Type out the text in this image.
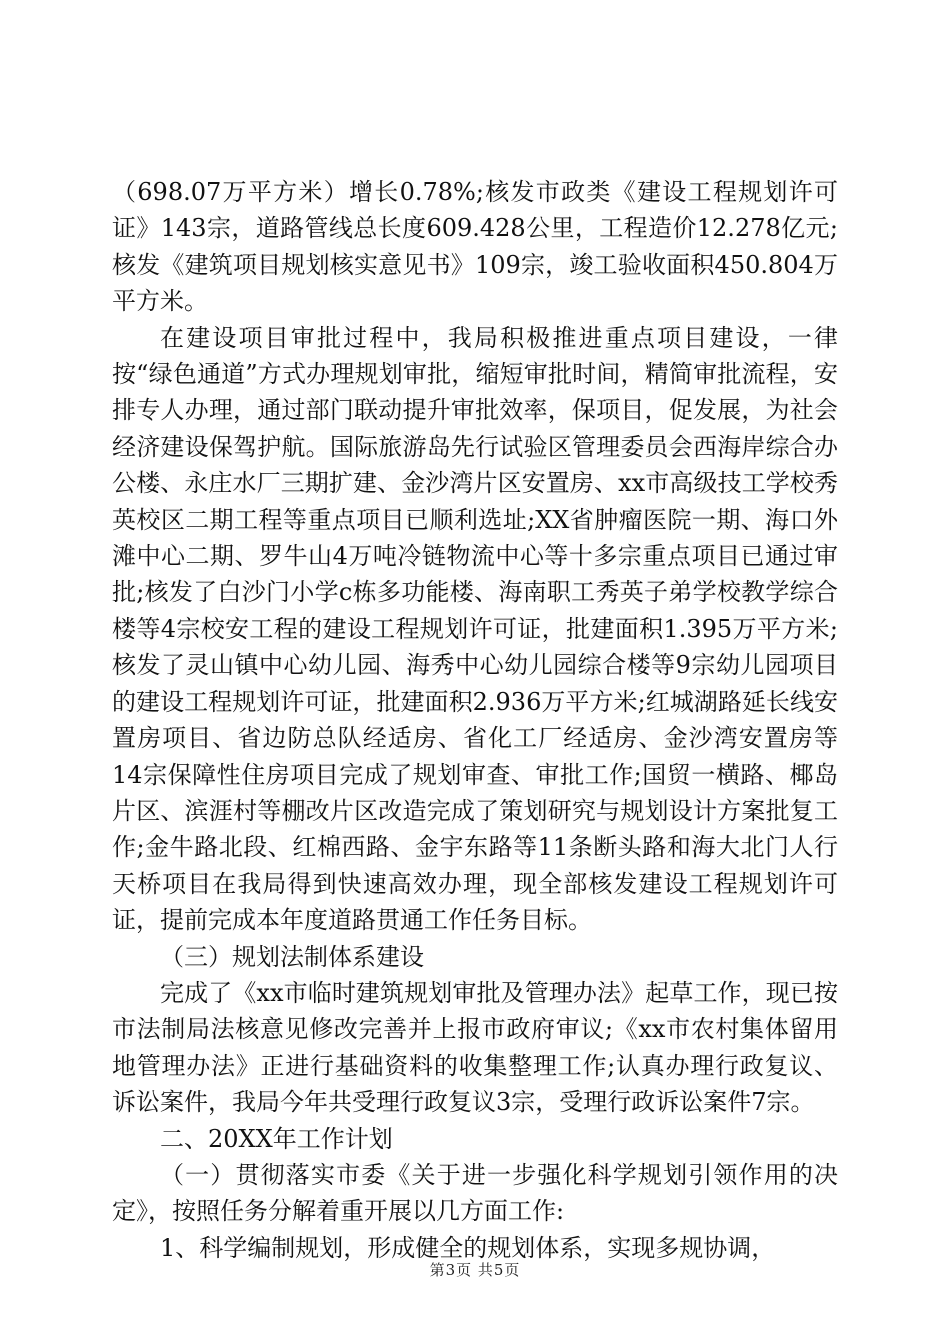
（698.07万平方米）增长0.78%;核发市政类《建设工程规划许可证》143宗，道路管线总长度609.428公里，工程造价12.278亿元;核发《建筑项目规划核实意见书》109宗，竣工验收面积450.804万平方米。

在建设项目审批过程中，我局积极推进重点项目建设，一律按“绿色通道”方式办理规划审批，缩短审批时间，精简审批流程，安排专人办理，通过部门联动提升审批效率，保项目，促发展，为社会经济建设保驾护航。国际旅游岛先行试验区管理委员会西海岸综合办公楼、永庄水厂三期扩建、金沙湾片区安置房、xx市高级技工学校秀英校区二期工程等重点项目已顺利选址;XX省肿瘤医院一期、海口外滩中心二期、罗牛山4万吨冷链物流中心等十多宗重点项目已通过审批;核发了白沙门小学c栋多功能楼、海南职工秀英子弟学校教学综合楼等4宗校安工程的建设工程规划许可证，批建面积1.395万平方米;核发了灵山镇中心幼儿园、海秀中心幼儿园综合楼等9宗幼儿园项目的建设工程规划许可证，批建面积2.936万平方米;红城湖路延长线安置房项目、省边防总队经适房、省化工厂经适房、金沙湾安置房等14宗保障性住房项目完成了规划审查、审批工作;国贸一横路、椰岛片区、滨涯村等棚改片区改造完成了策划研究与规划设计方案批复工作;金牛路北段、红棉西路、金宇东路等11条断头路和海大北门人行天桥项目在我局得到快速高效办理，现全部核发建设工程规划许可证，提前完成本年度道路贯通工作任务目标。

（三）规划法制体系建设

完成了《xx市临时建筑规划审批及管理办法》起草工作，现已按市法制局法核意见修改完善并上报市政府审议;《xx市农村集体留用地管理办法》正进行基础资料的收集整理工作;认真办理行政复议、诉讼案件，我局今年共受理行政复议3宗，受理行政诉讼案件7宗。

二、20XX年工作计划

（一）贯彻落实市委《关于进一步强化科学规划引领作用的决定》，按照任务分解着重开展以几方面工作:

1、科学编制规划，形成健全的规划体系，实现多规协调，

第3页 共5页
